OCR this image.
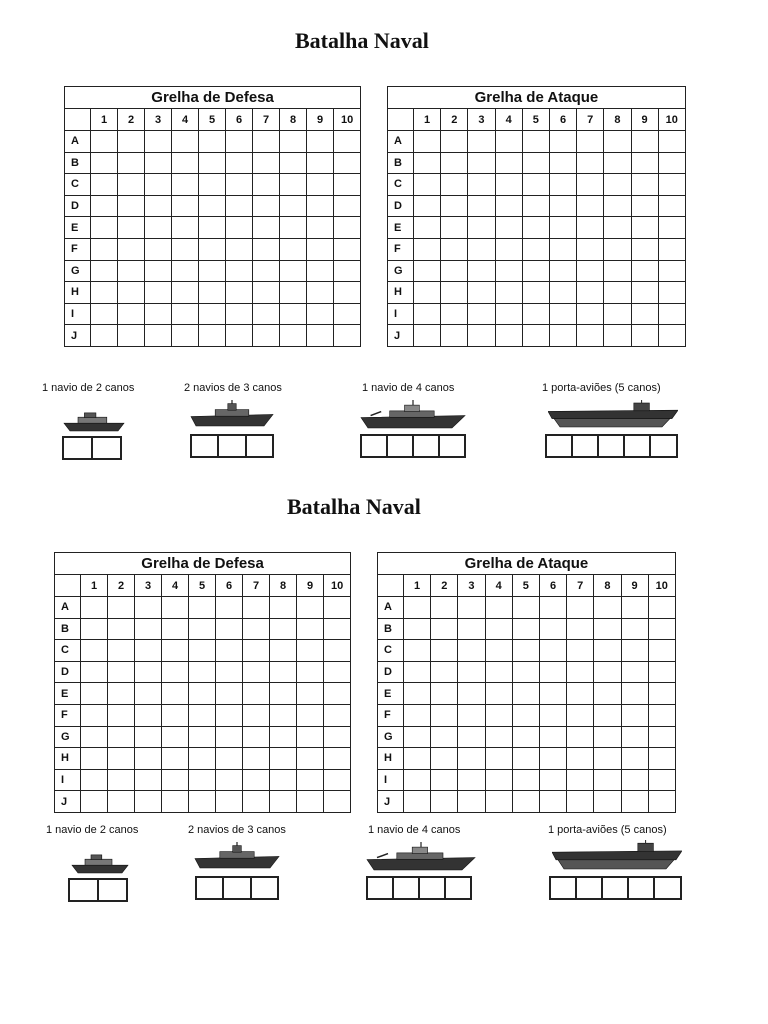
Batalha Naval
Grelha de Defesa										
	1	2	3	4	5	6	7	8	9	10
A										
B										
C										
D										
E										
F										
G										
H										
I										
J										
Grelha de Ataque										
	1	2	3	4	5	6	7	8	9	10
A										
B										
C										
D										
E										
F										
G										
H										
I										
J										
1 navio de 2 canos
		2 navios de 3 canos
			1 navio de 4 canos
				1 porta-aviões (5 canos)

Batalha Naval
Grelha de Defesa										
	1	2	3	4	5	6	7	8	9	10
A										
B										
C										
D										
E										
F										
G										
H										
I										
J										
Grelha de Ataque										
	1	2	3	4	5	6	7	8	9	10
A										
B										
C										
D										
E										
F										
G										
H										
I										
J										
1 navio de 2 canos
		2 navios de 3 canos
			1 navio de 4 canos
				1 porta-aviões (5 canos)
